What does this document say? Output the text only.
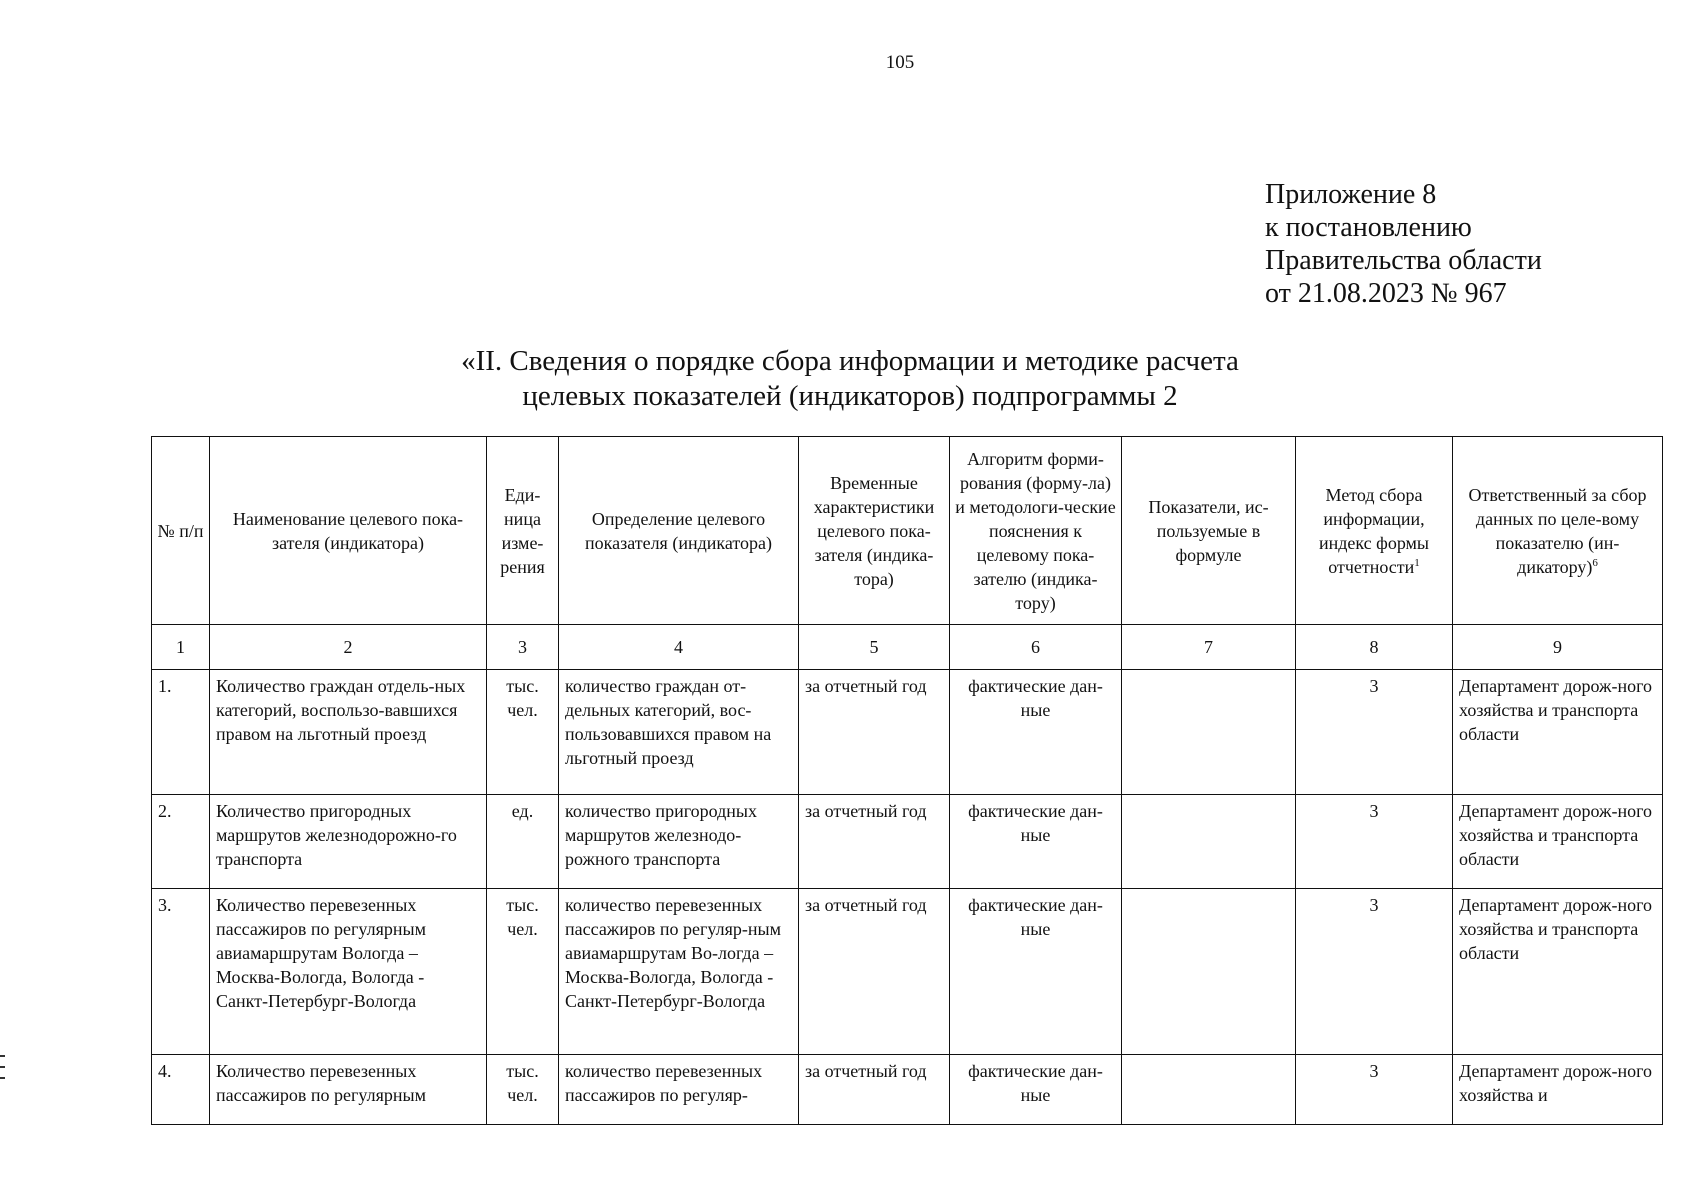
105
Приложение 8
к постановлению
Правительства области
от 21.08.2023 № 967
«II. Сведения о порядке сбора информации и методике расчета
целевых показателей (индикаторов) подпрограммы 2
№ п/п	Наименование целевого пока-зателя (индикатора)	Еди-ница изме-рения	Определение целевого показателя (индикатора)	Временные характеристики целевого пока-зателя (индика-тора)	Алгоритм форми-рования (форму-ла) и методологи-ческие пояснения к целевому пока-зателю (индика-тору)	Показатели, ис-пользуемые в формуле	Метод сбора информации, индекс формы отчетности$^1$	Ответственный за сбор данных по целе-вому показателю (ин-дикатору)$^6$
1	2	3	4	5	6	7	8	9
1.	Количество граждан отдель-ных категорий, воспользо-вавшихся правом на льготный проезд	тыс. чел.	количество граждан от-дельных категорий, вос-пользовавшихся правом на льготный проезд	за отчетный год	фактические дан-ные		3	Департамент дорож-ного хозяйства и транспорта области
2.	Количество пригородных маршрутов железнодорожно-го транспорта	ед.	количество пригородных маршрутов железнодо-рожного транспорта	за отчетный год	фактические дан-ные		3	Департамент дорож-ного хозяйства и транспорта области
3.	Количество перевезенных пассажиров по регулярным авиамаршрутам Вологда – Москва-Вологда, Вологда - Санкт-Петербург-Вологда	тыс. чел.	количество перевезенных пассажиров по регуляр-ным авиамаршрутам Во-логда – Москва-Вологда, Вологда - Санкт-Петербург-Вологда	за отчетный год	фактические дан-ные		3	Департамент дорож-ного хозяйства и транспорта области
4.	Количество перевезенных пассажиров по регулярным	тыс. чел.	количество перевезенных пассажиров по регуляр-	за отчетный год	фактические дан-ные		3	Департамент дорож-ного хозяйства и
